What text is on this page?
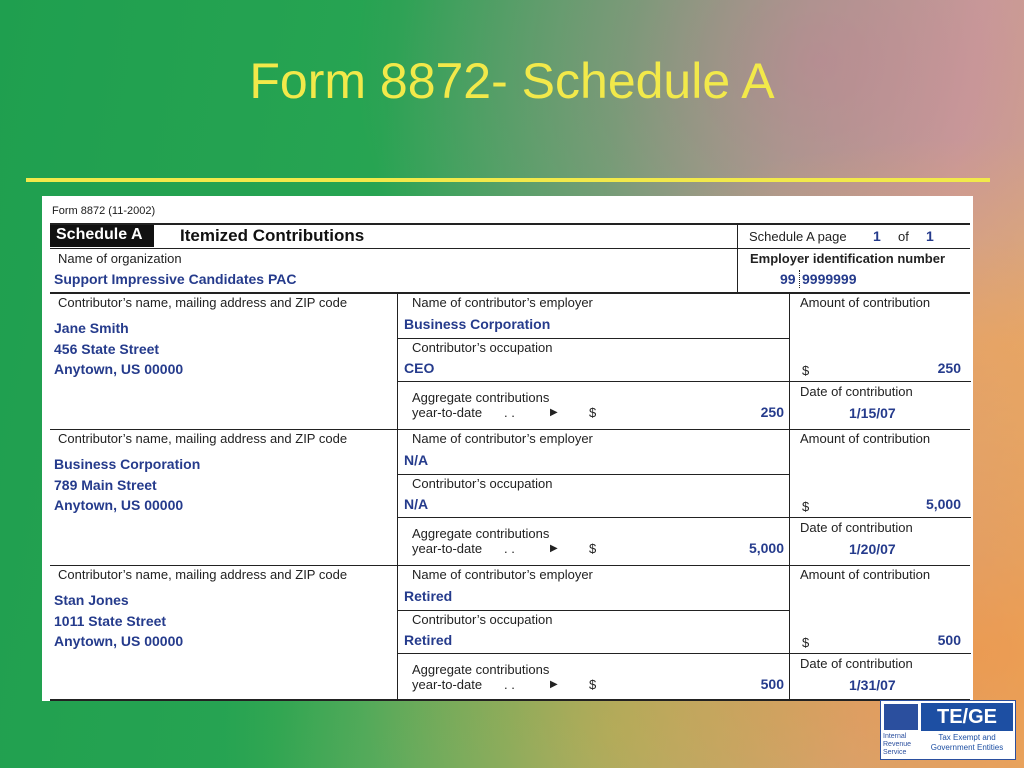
Form 8872- Schedule A
Form 8872 (11-2002)
Schedule A	Itemized Contributions	Schedule A page 1 of 1
Name of organization
Support Impressive Candidates PAC
Employer identification number
99 9999999
Contributor’s name, mailing address and ZIP code
Jane Smith
456 State Street
Anytown, US 00000
Name of contributor’s employer
Business Corporation
Contributor’s occupation
CEO
Aggregate contributions
year-to-date . .	▶ $	250
Amount of contribution
$	250
Date of contribution
1/15/07
Contributor’s name, mailing address and ZIP code
Business Corporation
789 Main Street
Anytown, US 00000
Name of contributor’s employer
N/A
Contributor’s occupation
N/A
Aggregate contributions
year-to-date . .	▶ $	5,000
Amount of contribution
$	5,000
Date of contribution
1/20/07
Contributor’s name, mailing address and ZIP code
Stan Jones
1011 State Street
Anytown, US 00000
Name of contributor’s employer
Retired
Contributor’s occupation
Retired
Aggregate contributions
year-to-date . .	▶ $	500
Amount of contribution
$	500
Date of contribution
1/31/07
Internal
Revenue
Service
TE/GE
Tax Exempt and
Government Entities
